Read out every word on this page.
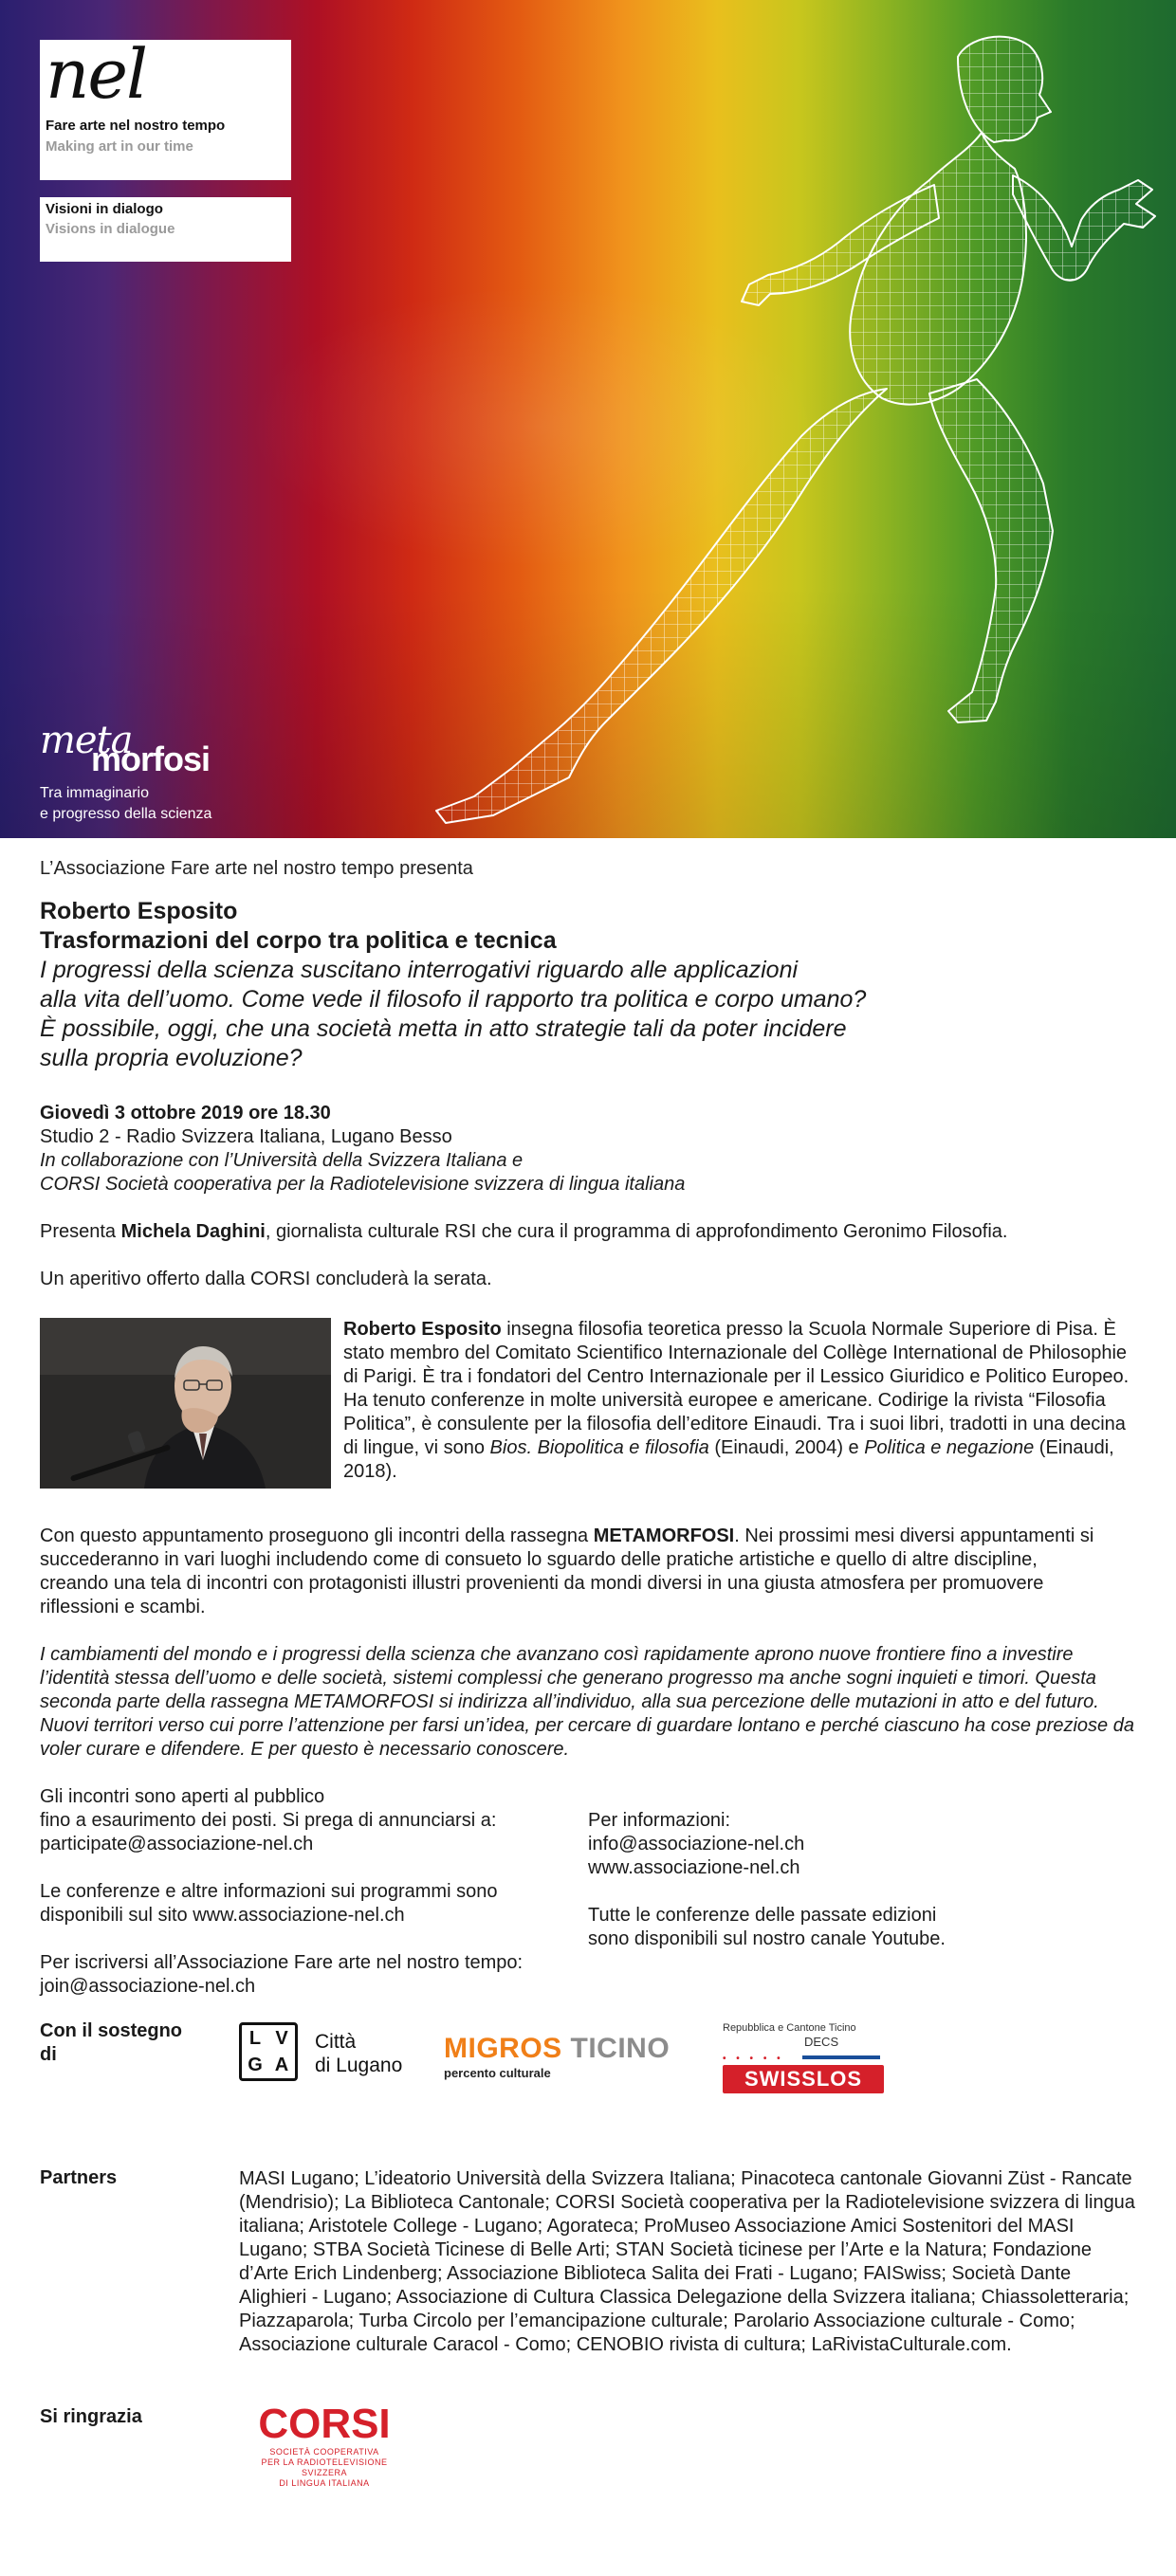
nel
Fare arte nel nostro tempo
Making art in our time
Visioni in dialogo
Visions in dialogue
meta
morfosi
Tra immaginario
e progresso della scienza
L’Associazione Fare arte nel nostro tempo presenta
Roberto Esposito
Trasformazioni del corpo tra politica e tecnica
I progressi della scienza suscitano interrogativi riguardo alle applicazioni
alla vita dell’uomo. Come vede il filosofo il rapporto tra politica e corpo umano?
È possibile, oggi, che una società metta in atto strategie tali da poter incidere
sulla propria evoluzione?
Giovedì 3 ottobre 2019 ore 18.30
Studio 2 - Radio Svizzera Italiana, Lugano Besso
In collaborazione con l’Università della Svizzera Italiana e
CORSI Società cooperativa per la Radiotelevisione svizzera di lingua italiana
Presenta Michela Daghini, giornalista culturale RSI che cura il programma di approfondimento Geronimo Filosofia.
Un aperitivo offerto dalla CORSI concluderà la serata.
Roberto Esposito insegna filosofia teoretica presso la Scuola Normale Superiore di Pisa. È stato membro del Comitato Scientifico Internazionale del Collège International de Philosophie di Parigi. È tra i fondatori del Centro Internazionale per il Lessico Giuridico e Politico Europeo. Ha tenuto conferenze in molte università europee e americane. Codirige la rivista “Filosofia Politica”, è consulente per la filosofia dell’editore Einaudi. Tra i suoi libri, tradotti in una decina di lingue, vi sono Bios. Biopolitica e filosofia (Einaudi, 2004) e Politica e negazione (Einaudi, 2018).
Con questo appuntamento proseguono gli incontri della rassegna METAMORFOSI. Nei prossimi mesi diversi appuntamenti si succederanno in vari luoghi includendo come di consueto lo sguardo delle pratiche artistiche e quello di altre discipline, creando una tela di incontri con protagonisti illustri provenienti da mondi diversi in una giusta atmosfera per promuovere riflessioni e scambi.
I cambiamenti del mondo e i progressi della scienza che avanzano così rapidamente aprono nuove frontiere fino a investire l’identità stessa dell’uomo e delle società, sistemi complessi che generano progresso ma anche sogni inquieti e timori. Questa seconda parte della rassegna METAMORFOSI si indirizza all’individuo, alla sua percezione delle mutazioni in atto e del futuro. Nuovi territori verso cui porre l’attenzione per farsi un’idea, per cercare di guardare lontano e perché ciascuno ha cose preziose da voler curare e difendere. E per questo è necessario conoscere.
Gli incontri sono aperti al pubblico
fino a esaurimento dei posti. Si prega di annunciarsi a:
participate@associazione-nel.ch
Le conferenze e altre informazioni sui programmi sono
disponibili sul sito www.associazione-nel.ch
Per iscriversi all’Associazione Fare arte nel nostro tempo:
join@associazione-nel.ch
Per informazioni:
info@associazione-nel.ch
www.associazione-nel.ch
Tutte le conferenze delle passate edizioni
sono disponibili sul nostro canale Youtube.
Con il sostegno
di
L V
G A
Città
di Lugano
MIGROS TICINO
percento culturale
Repubblica e Cantone Ticino
DECS
• • • • •
SWISSLOS
Partners	MASI Lugano; L’ideatorio Università della Svizzera Italiana; Pinacoteca cantonale Giovanni Züst - Rancate (Mendrisio); La Biblioteca Cantonale; CORSI Società cooperativa per la Radiotelevisione svizzera di lingua italiana; Aristotele College - Lugano; Agorateca; ProMuseo Associazione Amici Sostenitori del MASI Lugano; STBA Società Ticinese di Belle Arti; STAN Società ticinese per l’Arte e la Natura; Fondazione d’Arte Erich Lindenberg; Associazione Biblioteca Salita dei Frati - Lugano; FAISwiss; Società Dante Alighieri - Lugano; Associazione di Cultura Classica Delegazione della Svizzera italiana; Chiassoletteraria; Piazzaparola; Turba Circolo per l’emancipazione culturale; Parolario Associazione culturale - Como; Associazione culturale Caracol - Como; CENOBIO rivista di cultura; LaRivistaCulturale.com.
Si ringrazia	CORSI
SOCIETÀ COOPERATIVA
PER LA RADIOTELEVISIONE SVIZZERA
DI LINGUA ITALIANA
